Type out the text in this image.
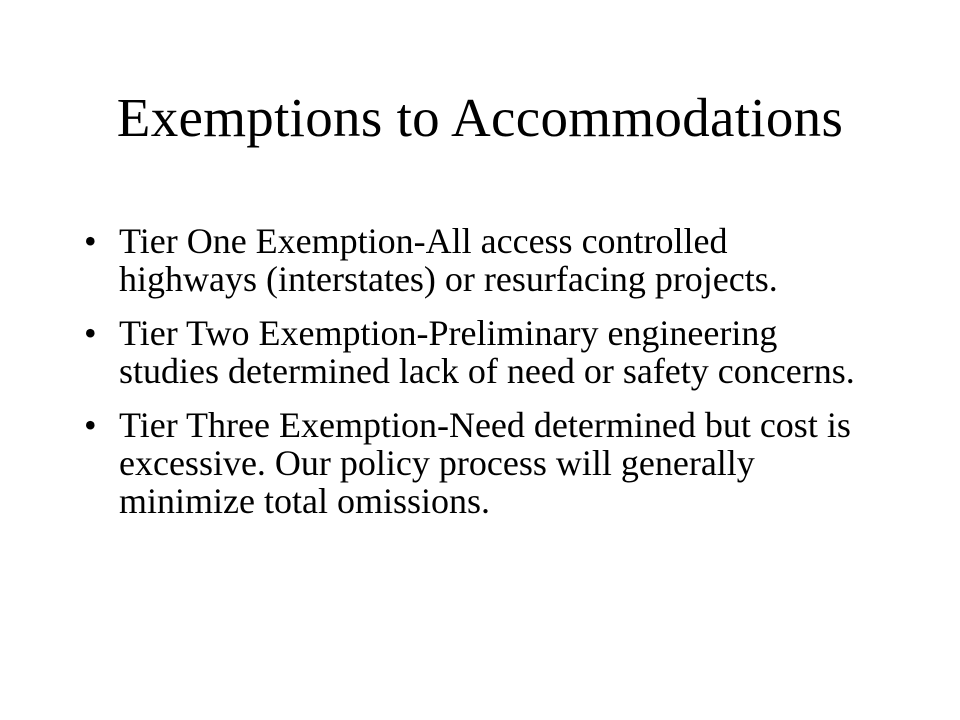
Exemptions to Accommodations
• Tier One Exemption-All access controlled highways (interstates) or resurfacing projects.
• Tier Two Exemption-Preliminary engineering studies determined lack of need or safety concerns.
• Tier Three Exemption-Need determined but cost is excessive. Our policy process will generally minimize total omissions.
